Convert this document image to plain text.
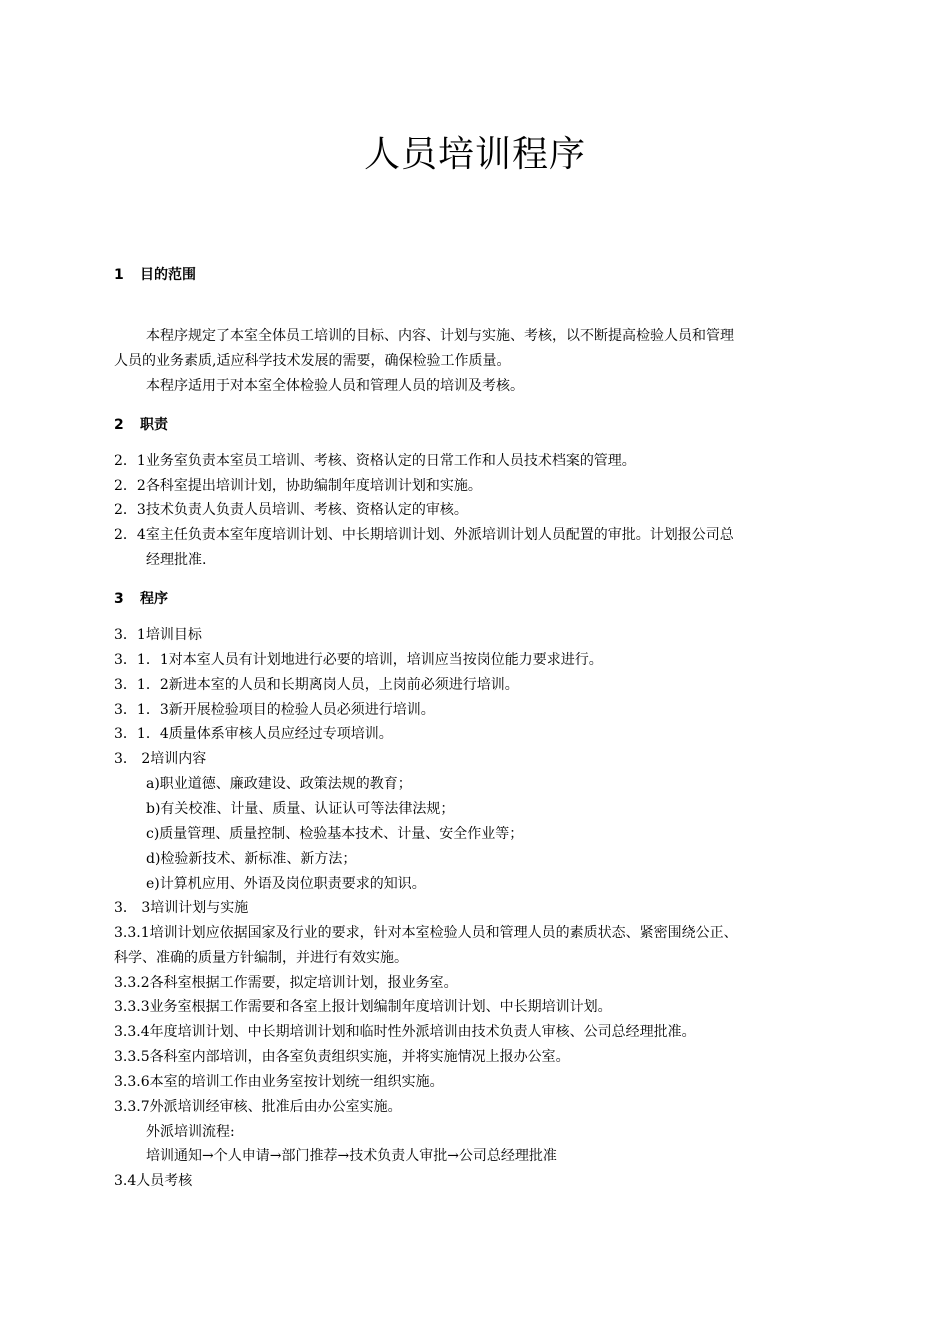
人员培训程序
1 目的范围
本程序规定了本室全体员工培训的目标、内容、计划与实施、考核，以不断提高检验人员和管理
人员的业务素质,适应科学技术发展的需要，确保检验工作质量。
本程序适用于对本室全体检验人员和管理人员的培训及考核。
2 职责
2．1业务室负责本室员工培训、考核、资格认定的日常工作和人员技术档案的管理。
2．2各科室提出培训计划，协助编制年度培训计划和实施。
2．3技术负责人负责人员培训、考核、资格认定的审核。
2．4室主任负责本室年度培训计划、中长期培训计划、外派培训计划人员配置的审批。计划报公司总
经理批准.
3 程序
3．1培训目标
3．1．1对本室人员有计划地进行必要的培训，培训应当按岗位能力要求进行。
3．1．2新进本室的人员和长期离岗人员，上岗前必须进行培训。
3．1．3新开展检验项目的检验人员必须进行培训。
3．1．4质量体系审核人员应经过专项培训。
3． 2培训内容
a)职业道德、廉政建设、政策法规的教育；
b)有关校准、计量、质量、认证认可等法律法规；
c)质量管理、质量控制、检验基本技术、计量、安全作业等；
d)检验新技术、新标准、新方法；
e)计算机应用、外语及岗位职责要求的知识。
3． 3培训计划与实施
3.3.1培训计划应依据国家及行业的要求，针对本室检验人员和管理人员的素质状态、紧密围绕公正、
科学、准确的质量方针编制，并进行有效实施。
3.3.2各科室根据工作需要，拟定培训计划，报业务室。
3.3.3业务室根据工作需要和各室上报计划编制年度培训计划、中长期培训计划。
3.3.4年度培训计划、中长期培训计划和临时性外派培训由技术负责人审核、公司总经理批准。
3.3.5各科室内部培训，由各室负责组织实施，并将实施情况上报办公室。
3.3.6本室的培训工作由业务室按计划统一组织实施。
3.3.7外派培训经审核、批准后由办公室实施。
外派培训流程:
培训通知→个人申请→部门推荐→技术负责人审批→公司总经理批准
3.4人员考核
